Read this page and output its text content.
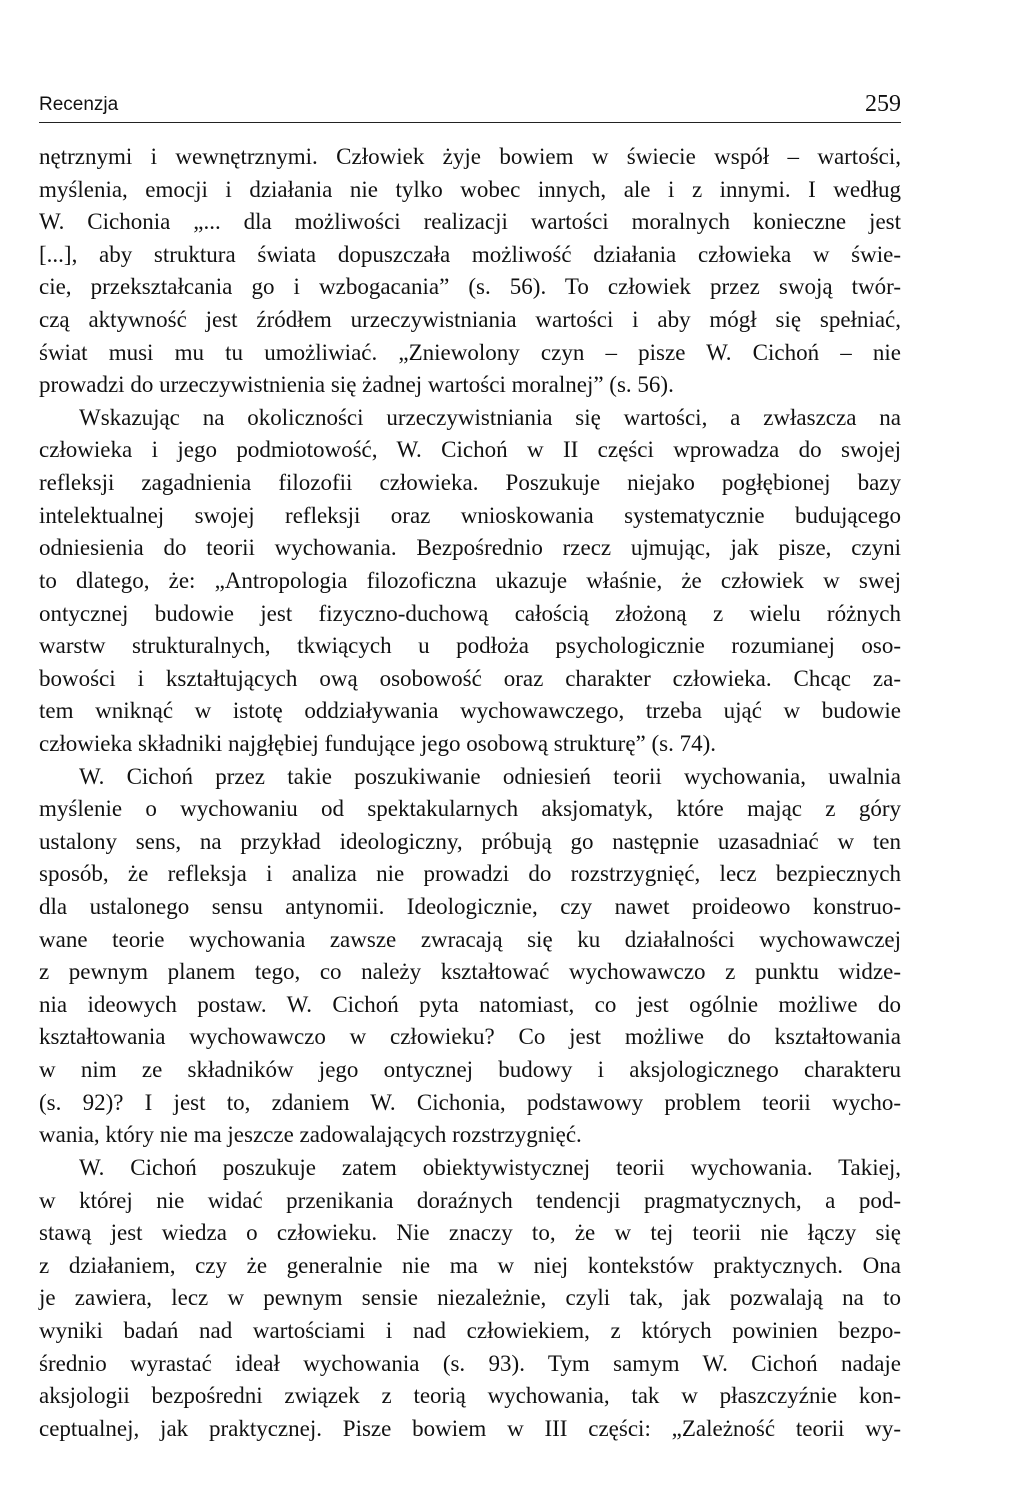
Recenzja	259
nętrznymi i wewnętrznymi. Człowiek żyje bowiem w świecie współ – wartości,
myślenia, emocji i działania nie tylko wobec innych, ale i z innymi. I według
W. Cichonia „... dla możliwości realizacji wartości moralnych konieczne jest
[...], aby struktura świata dopuszczała możliwość działania człowieka w świe-
cie, przekształcania go i wzbogacania” (s. 56). To człowiek przez swoją twór-
czą aktywność jest źródłem urzeczywistniania wartości i aby mógł się spełniać,
świat musi mu tu umożliwiać. „Zniewolony czyn – pisze W. Cichoń – nie
prowadzi do urzeczywistnienia się żadnej wartości moralnej” (s. 56).
Wskazując na okoliczności urzeczywistniania się wartości, a zwłaszcza na
człowieka i jego podmiotowość, W. Cichoń w II części wprowadza do swojej
refleksji zagadnienia filozofii człowieka. Poszukuje niejako pogłębionej bazy
intelektualnej swojej refleksji oraz wnioskowania systematycznie budującego
odniesienia do teorii wychowania. Bezpośrednio rzecz ujmując, jak pisze, czyni
to dlatego, że: „Antropologia filozoficzna ukazuje właśnie, że człowiek w swej
ontycznej budowie jest fizyczno-duchową całością złożoną z wielu różnych
warstw strukturalnych, tkwiących u podłoża psychologicznie rozumianej oso-
bowości i kształtujących ową osobowość oraz charakter człowieka. Chcąc za-
tem wniknąć w istotę oddziaływania wychowawczego, trzeba ująć w budowie
człowieka składniki najgłębiej fundujące jego osobową strukturę” (s. 74).
W. Cichoń przez takie poszukiwanie odniesień teorii wychowania, uwalnia
myślenie o wychowaniu od spektakularnych aksjomatyk, które mając z góry
ustalony sens, na przykład ideologiczny, próbują go następnie uzasadniać w ten
sposób, że refleksja i analiza nie prowadzi do rozstrzygnięć, lecz bezpiecznych
dla ustalonego sensu antynomii. Ideologicznie, czy nawet proideowo konstruo-
wane teorie wychowania zawsze zwracają się ku działalności wychowawczej
z pewnym planem tego, co należy kształtować wychowawczo z punktu widze-
nia ideowych postaw. W. Cichoń pyta natomiast, co jest ogólnie możliwe do
kształtowania wychowawczo w człowieku? Co jest możliwe do kształtowania
w nim ze składników jego ontycznej budowy i aksjologicznego charakteru
(s. 92)? I jest to, zdaniem W. Cichonia, podstawowy problem teorii wycho-
wania, który nie ma jeszcze zadowalających rozstrzygnięć.
W. Cichoń poszukuje zatem obiektywistycznej teorii wychowania. Takiej,
w której nie widać przenikania doraźnych tendencji pragmatycznych, a pod-
stawą jest wiedza o człowieku. Nie znaczy to, że w tej teorii nie łączy się
z działaniem, czy że generalnie nie ma w niej kontekstów praktycznych. Ona
je zawiera, lecz w pewnym sensie niezależnie, czyli tak, jak pozwalają na to
wyniki badań nad wartościami i nad człowiekiem, z których powinien bezpo-
średnio wyrastać ideał wychowania (s. 93). Tym samym W. Cichoń nadaje
aksjologii bezpośredni związek z teorią wychowania, tak w płaszczyźnie kon-
ceptualnej, jak praktycznej. Pisze bowiem w III części: „Zależność teorii wy-
